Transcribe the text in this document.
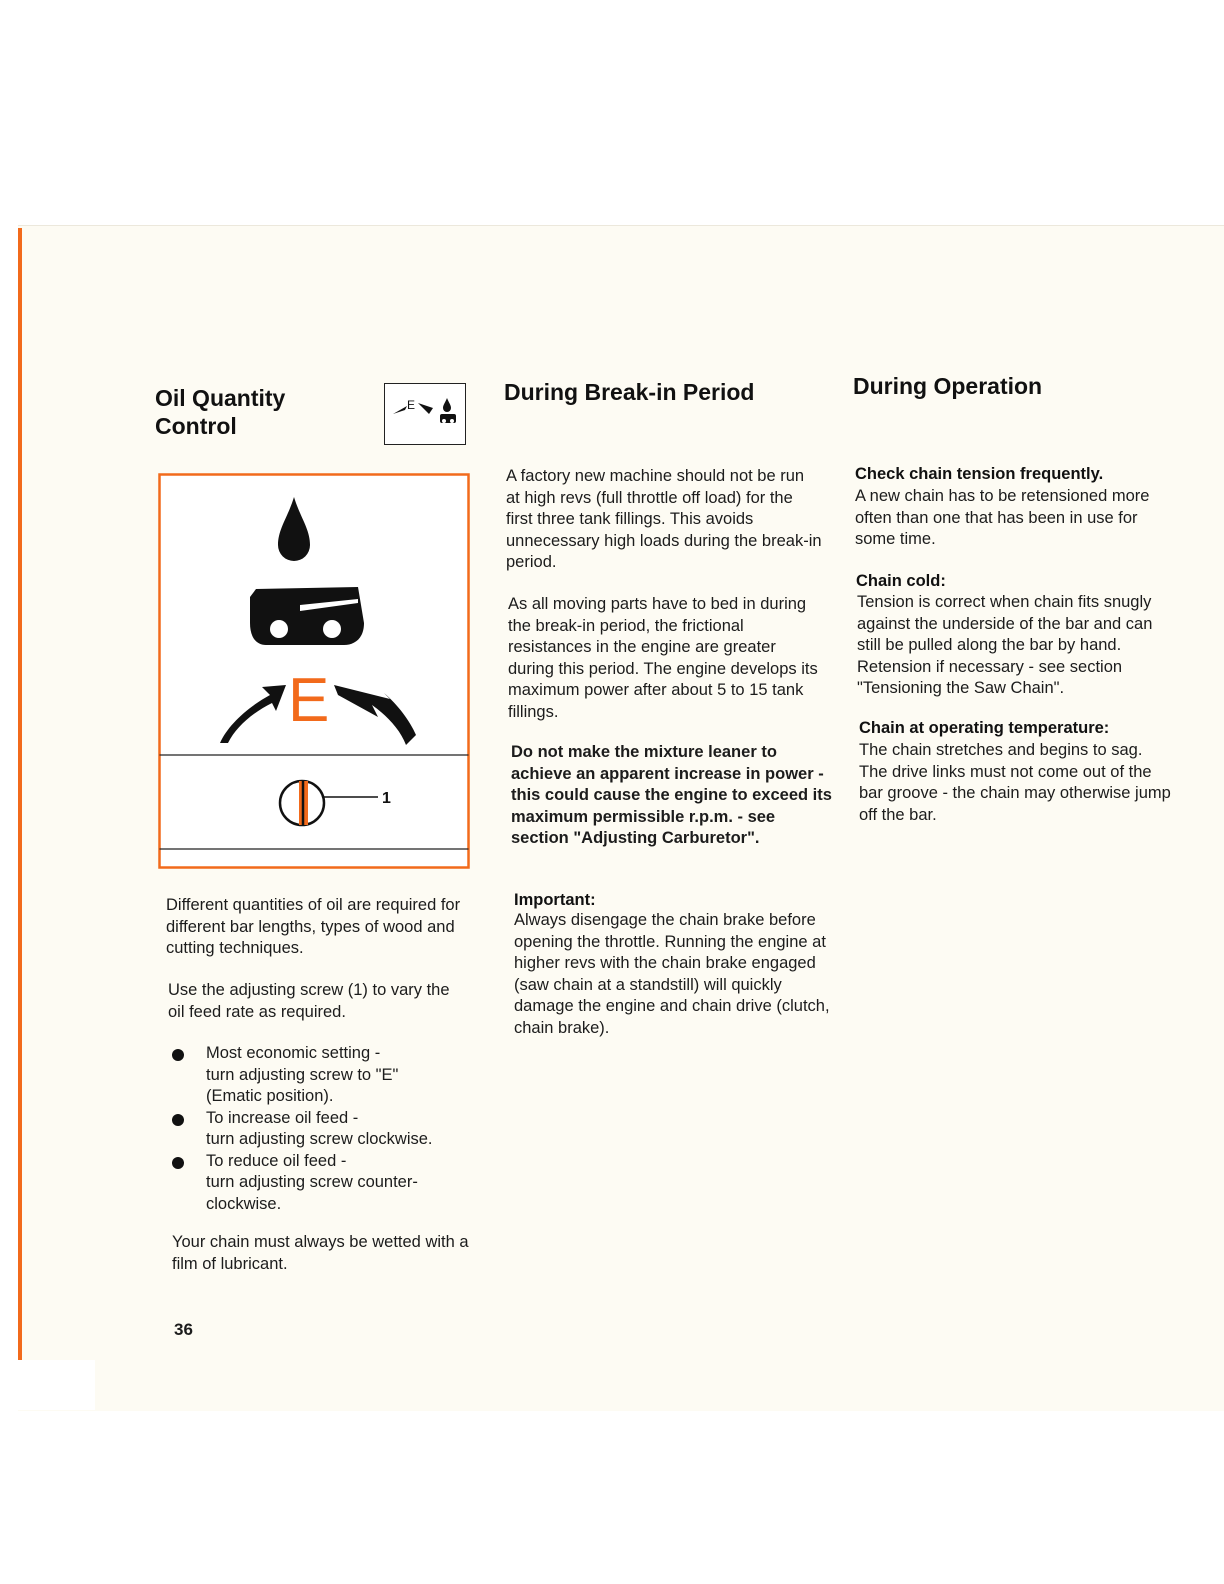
Oil Quantity
Control
E
E
1

Different quantities of oil are required for different bar lengths, types of wood and cutting techniques.

Use the adjusting screw (1) to vary the oil feed rate as required.

Most economic setting -
turn adjusting screw to "E"
(Ematic position).
To increase oil feed -
turn adjusting screw clockwise.
To reduce oil feed -
turn adjusting screw counter-
clockwise.

Your chain must always be wetted with a film of lubricant.

36
During Break-in Period

A factory new machine should not be run at high revs (full throttle off load) for the first three tank fillings. This avoids unnecessary high loads during the break-in period.

As all moving parts have to bed in during the break-in period, the frictional resistances in the engine are greater during this period. The engine develops its maximum power after about 5 to 15 tank fillings.

Do not make the mixture leaner to achieve an apparent increase in power - this could cause the engine to exceed its maximum permissible r.p.m. - see section "Adjusting Carburetor".

Important:

Always disengage the chain brake before opening the throttle. Running the engine at higher revs with the chain brake engaged (saw chain at a standstill) will quickly damage the engine and chain drive (clutch, chain brake).

During Operation
Check chain tension frequently.

A new chain has to be retensioned more often than one that has been in use for some time.

Chain cold:

Tension is correct when chain fits snugly against the underside of the bar and can still be pulled along the bar by hand. Retension if necessary - see section "Tensioning the Saw Chain".

Chain at operating temperature:

The chain stretches and begins to sag. The drive links must not come out of the bar groove - the chain may otherwise jump off the bar.
